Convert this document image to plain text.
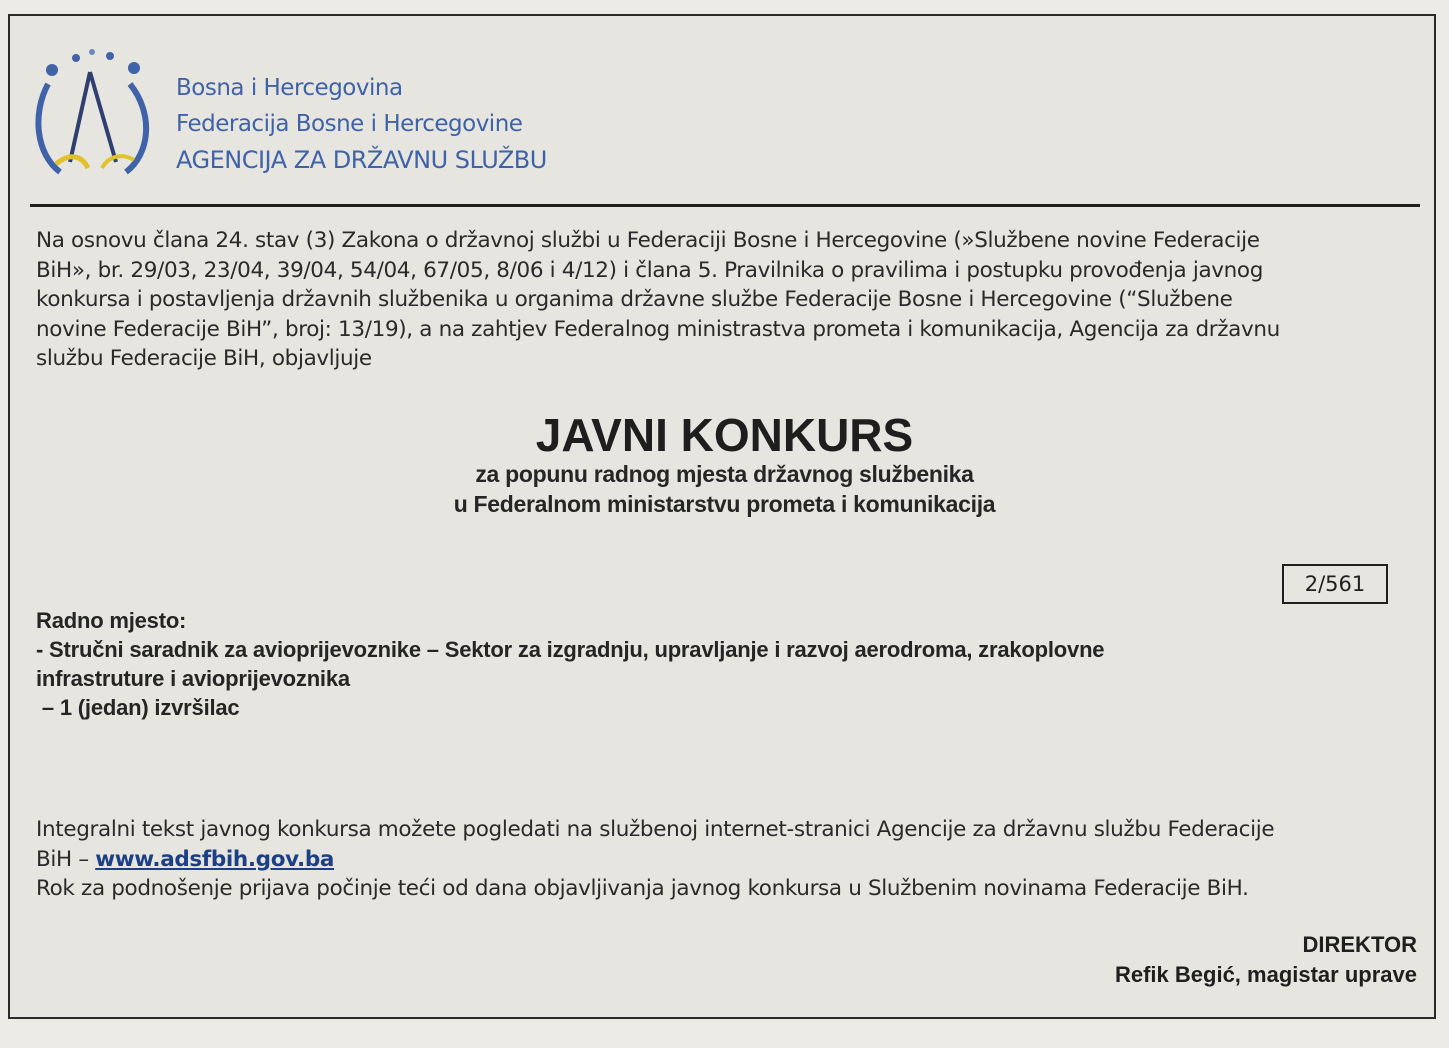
Bosna i Hercegovina
Federacija Bosne i Hercegovine
AGENCIJA ZA DRŽAVNU SLUŽBU
Na osnovu člana 24. stav (3) Zakona o državnoj službi u Federaciji Bosne i Hercegovine (»Službene novine Federacije
BiH», br. 29/03, 23/04, 39/04, 54/04, 67/05, 8/06 i 4/12) i člana 5. Pravilnika o pravilima i postupku provođenja javnog
konkursa i postavljenja državnih službenika u organima državne službe Federacije Bosne i Hercegovine (“Službene
novine Federacije BiH”, broj: 13/19), a na zahtjev Federalnog ministrastva prometa i komunikacija, Agencija za državnu
službu Federacije BiH, objavljuje
JAVNI KONKURS
za popunu radnog mjesta državnog službenika
u Federalnom ministarstvu prometa i komunikacija
2/561
Radno mjesto:
- Stručni saradnik za avioprijevoznike – Sektor za izgradnju, upravljanje i razvoj aerodroma, zrakoplovne
infrastruture i avioprijevoznika
– 1 (jedan) izvršilac
Integralni tekst javnog konkursa možete pogledati na službenoj internet-stranici Agencije za državnu službu Federacije
BiH – www.adsfbih.gov.ba
Rok za podnošenje prijava počinje teći od dana objavljivanja javnog konkursa u Službenim novinama Federacije BiH.
DIREKTOR
Refik Begić, magistar uprave
